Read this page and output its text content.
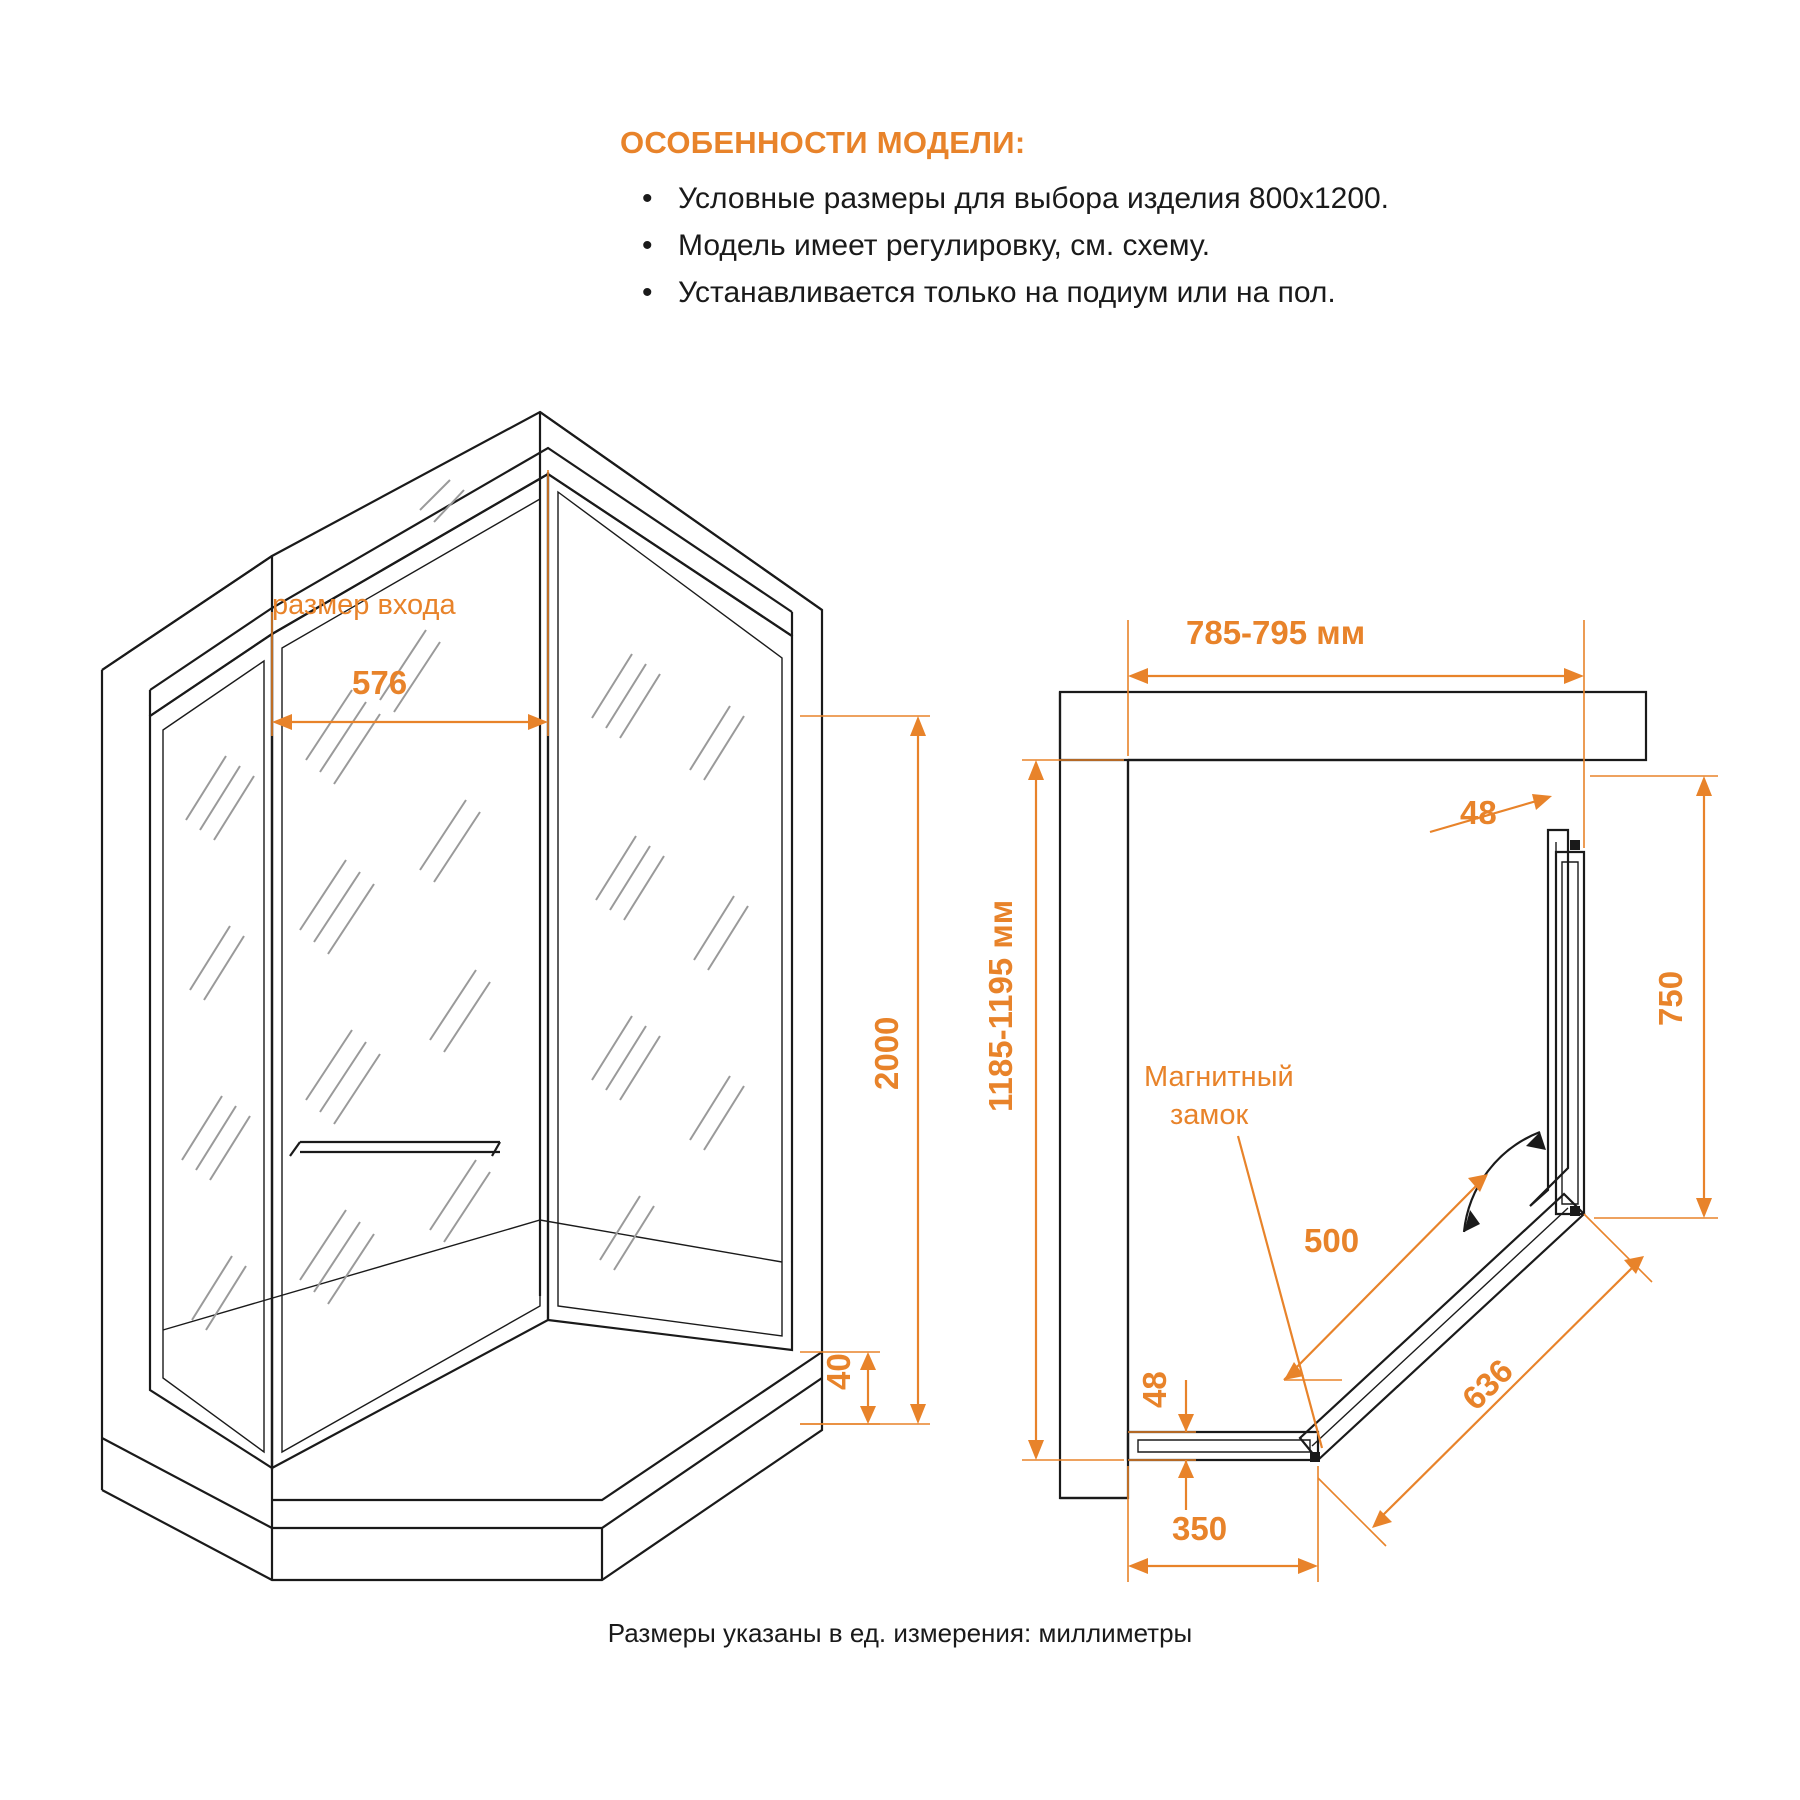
ОСОБЕННОСТИ МОДЕЛИ:
• Условные размеры для выбора изделия 800x1200.
• Модель имеет регулировку, см. схему.
• Устанавливается только на подиум или на пол.
размер входа
576
2000
40
785-795 мм
1185-1195 мм
48
750
636
500
48
350
Магнитный
замок
Размеры указаны в ед. измерения: миллиметры
